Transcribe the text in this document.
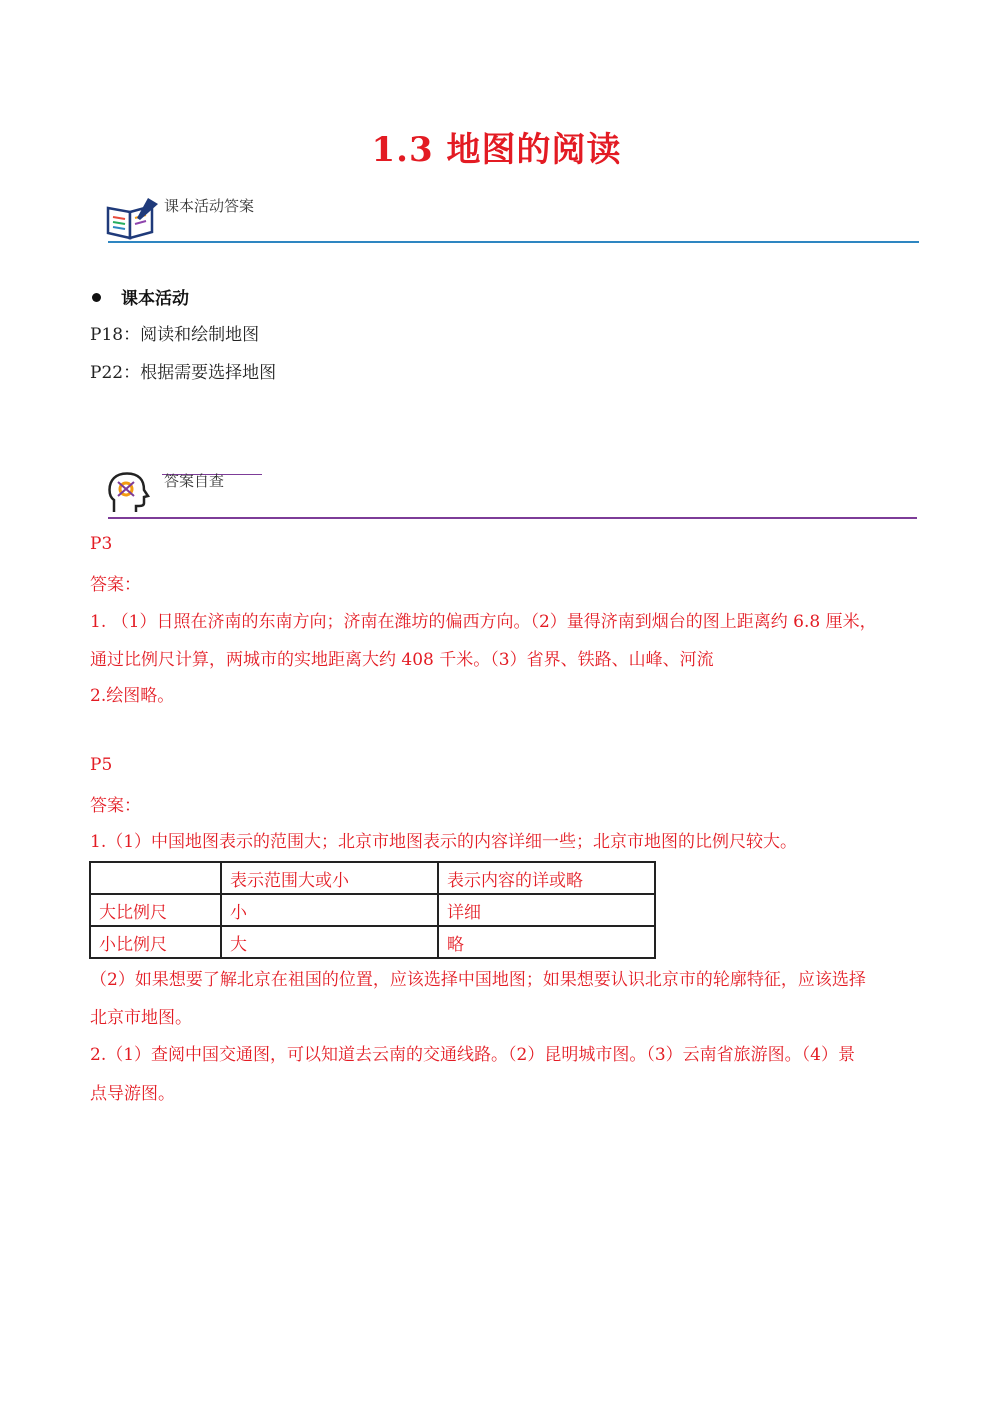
1.3 地图的阅读
课本活动答案
课本活动
P18：阅读和绘制地图
P22：根据需要选择地图
答案自查
P3
答案：
1. （1）日照在济南的东南方向；济南在潍坊的偏西方向。（2）量得济南到烟台的图上距离约 6.8 厘米，
通过比例尺计算，两城市的实地距离大约 408 千米。（3）省界、铁路、山峰、河流
2.绘图略。
P5
答案：
1.（1）中国地图表示的范围大；北京市地图表示的内容详细一些；北京市地图的比例尺较大。
	表示范围大或小	表示内容的详或略
大比例尺	小	详细
小比例尺	大	略
（2）如果想要了解北京在祖国的位置，应该选择中国地图；如果想要认识北京市的轮廓特征，应该选择
北京市地图。
2.（1）查阅中国交通图，可以知道去云南的交通线路。（2）昆明城市图。（3）云南省旅游图。（4）景
点导游图。
